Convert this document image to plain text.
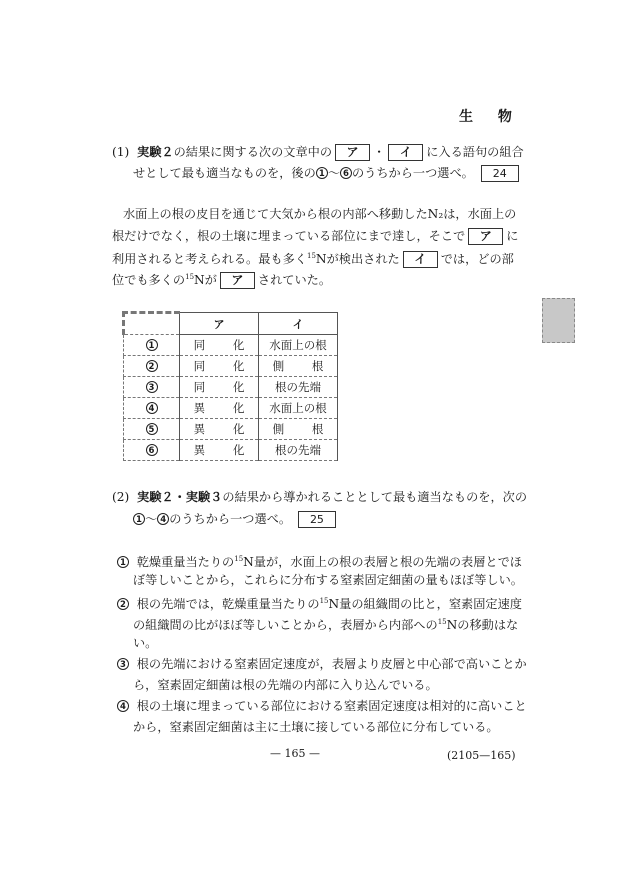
生 物
(1) 実験２の結果に関する次の文章中の ア ・ イ に入る語句の組合
せとして最も適当なものを，後の 1 〜 6 のうちから一つ選べ。 24
水面上の根の皮目を通じて大気から根の内部へ移動したN₂は，水面上の
根だけでなく，根の土壌に埋まっている部位にまで達し，そこで ア に
利用されると考えられる。最も多く$^{15}$Nが検出された イ では，どの部
位でも多くの$^{15}$Nが ア されていた。
	ア	イ
1	同 化	水面上の根
2	同 化	側 根
3	同 化	根の先端
4	異 化	水面上の根
5	異 化	側 根
6	異 化	根の先端
(2) 実験２・実験３の結果から導かれることとして最も適当なものを，次の
1 〜 4 のうちから一つ選べ。 25
1 乾燥重量当たりの$^{15}$N量が，水面上の根の表層と根の先端の表層とでほ
ぼ等しいことから，これらに分布する窒素固定細菌の量もほぼ等しい。
2 根の先端では，乾燥重量当たりの$^{15}$N量の組織間の比と，窒素固定速度
の組織間の比がほぼ等しいことから，表層から内部への$^{15}$Nの移動はな
い。
3 根の先端における窒素固定速度が，表層より皮層と中心部で高いことか
ら，窒素固定細菌は根の先端の内部に入り込んでいる。
4 根の土壌に埋まっている部位における窒素固定速度は相対的に高いこと
から，窒素固定細菌は主に土壌に接している部位に分布している。
— 165 —	(2105—165)
